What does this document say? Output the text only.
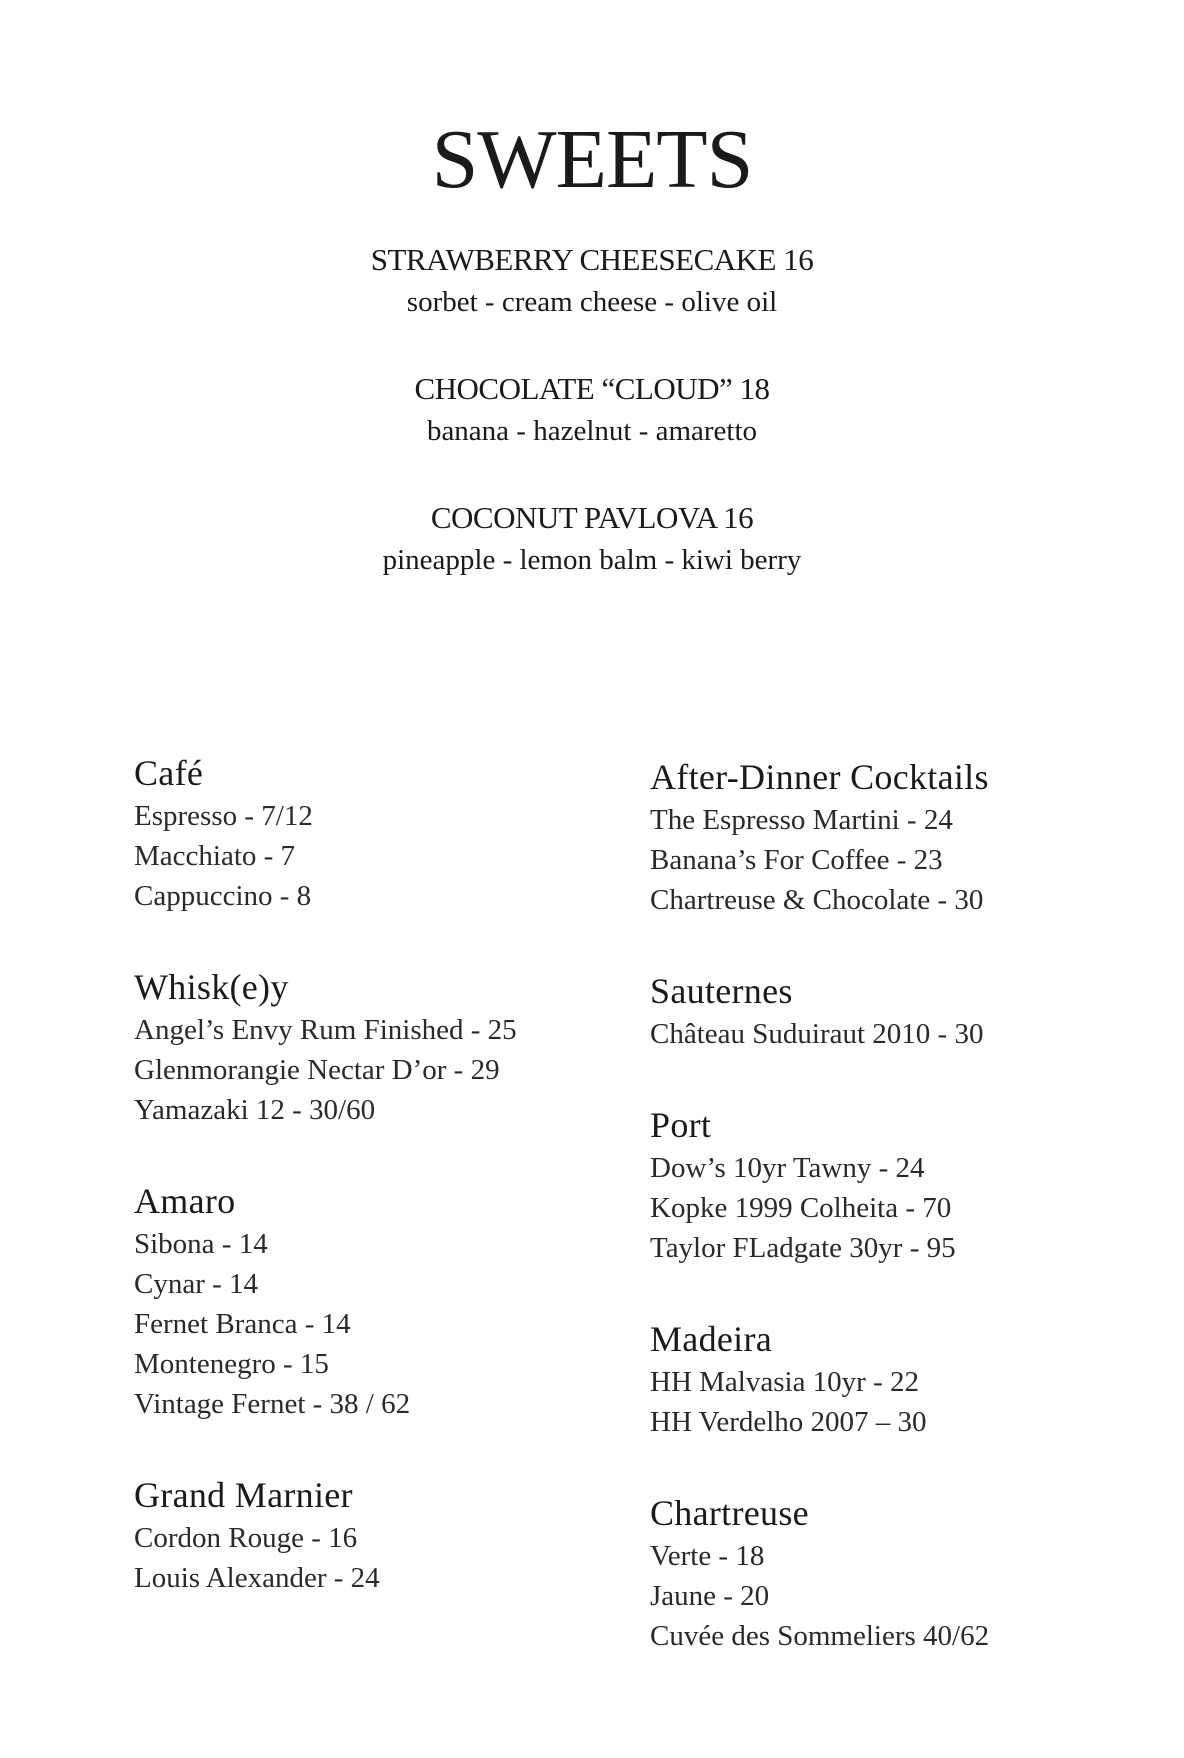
SWEETS
STRAWBERRY CHEESECAKE 16
sorbet - cream cheese - olive oil
CHOCOLATE “CLOUD” 18
banana - hazelnut - amaretto
COCONUT PAVLOVA 16
pineapple - lemon balm - kiwi berry
Café
Espresso - 7/12
Macchiato - 7
Cappuccino - 8
Whisk(e)y
Angel’s Envy Rum Finished - 25
Glenmorangie Nectar D’or - 29
Yamazaki 12 - 30/60
Amaro
Sibona - 14
Cynar - 14
Fernet Branca - 14
Montenegro - 15
Vintage Fernet - 38 / 62
Grand Marnier
Cordon Rouge - 16
Louis Alexander - 24
After-Dinner Cocktails
The Espresso Martini - 24
Banana’s For Coffee - 23
Chartreuse & Chocolate - 30
Sauternes
Château Suduiraut 2010 - 30
Port
Dow’s 10yr Tawny - 24
Kopke 1999 Colheita - 70
Taylor FLadgate 30yr - 95
Madeira
HH Malvasia 10yr - 22
HH Verdelho 2007 – 30
Chartreuse
Verte - 18
Jaune - 20
Cuvée des Sommeliers 40/62
